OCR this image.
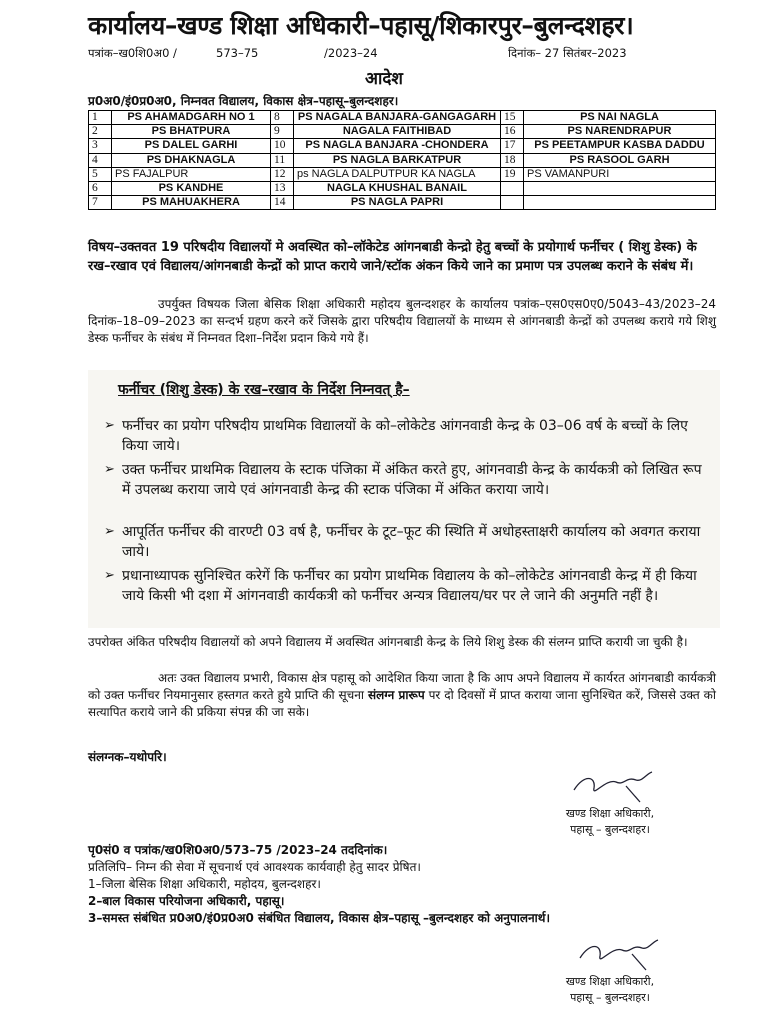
कार्यालय–खण्ड शिक्षा अधिकारी–पहासू/शिकारपुर–बुलन्दशहर।
पत्रांक–ख0शि0अ0 /	573–75	/2023–24	दिनांक– 27 सितंबर–2023
आदेश
प्र0अ0/इं0प्र0अ0, निम्नवत विद्यालय, विकास क्षेत्र–पहासू–बुलन्दशहर।
1	PS AHAMADGARH NO 1	8	PS NAGALA BANJARA-GANGAGARH	15	PS NAI NAGLA
2	PS BHATPURA	9	NAGALA FAITHIBAD	16	PS NARENDRAPUR
3	PS DALEL GARHI	10	PS NAGLA BANJARA -CHONDERA	17	PS PEETAMPUR KASBA DADDU
4	PS DHAKNAGLA	11	PS NAGLA BARKATPUR	18	PS RASOOL GARH
5	PS FAJALPUR	12	ps NAGLA DALPUTPUR KA NAGLA	19	PS VAMANPURI
6	PS KANDHE	13	NAGLA KHUSHAL BANAIL		
7	PS MAHUAKHERA	14	PS NAGLA PAPRI		
विषय–उक्तवत 19 परिषदीय विद्यालयों मे अवस्थित को–लॉकेटेड आंगनबाडी केन्द्रो हेतु बच्चों के प्रयोगार्थ फर्नीचर ( शिशु डेस्क) के रख–रखाव एवं विद्यालय/आंगनबाडी केन्द्रों को प्राप्त कराये जाने/स्टॉक अंकन किये जाने का प्रमाण पत्र उपलब्ध कराने के संबंध में।
उपर्युक्त विषयक जिला बेसिक शिक्षा अधिकारी महोदय बुलन्दशहर के कार्यालय पत्रांक–एस0एस0ए0/5043–43/2023–24 दिनांक–18–09–2023 का सन्दर्भ ग्रहण करने करें जिसके द्वारा परिषदीय विद्यालयों के माध्यम से आंगनबाडी केन्द्रों को उपलब्ध कराये गये शिशु डेस्क फर्नीचर के संबंध में निम्नवत दिशा–निर्देश प्रदान किये गये हैं।
फर्नीचर (शिशु डेस्क) के रख–रखाव के निर्देश निम्नवत् है–
➢ फर्नीचर का प्रयोग परिषदीय प्राथमिक विद्यालयों के को–लोकेटेड आंगनवाडी केन्द्र के 03–06 वर्ष के बच्चों के लिए किया जाये।
➢ उक्त फर्नीचर प्राथमिक विद्यालय के स्टाक पंजिका में अंकित करते हुए, आंगनवाडी केन्द्र के कार्यकत्री को लिखित रूप में उपलब्ध कराया जाये एवं आंगनवाडी केन्द्र की स्टाक पंजिका में अंकित कराया जाये।
➢ आपूर्तित फर्नीचर की वारण्टी 03 वर्ष है, फर्नीचर के टूट–फूट की स्थिति में अधोहस्ताक्षरी कार्यालय को अवगत कराया जाये।
➢ प्रधानाध्यापक सुनिश्चित करेगें कि फर्नीचर का प्रयोग प्राथमिक विद्यालय के को–लोकेटेड आंगनवाडी केन्द्र में ही किया जाये किसी भी दशा में आंगनवाडी कार्यकत्री को फर्नीचर अन्यत्र विद्यालय/घर पर ले जाने की अनुमति नहीं है।
उपरोक्त अंकित परिषदीय विद्यालयों को अपने विद्यालय में अवस्थित आंगनबाडी केन्द्र के लिये शिशु डेस्क की संलग्न प्राप्ति करायी जा चुकी है।
अतः उक्त विद्यालय प्रभारी, विकास क्षेत्र पहासू को आदेशित किया जाता है कि आप अपने विद्यालय में कार्यरत आंगनबाडी कार्यकत्री को उक्त फर्नीचर नियमानुसार हस्तगत करते हुये प्राप्ति की सूचना संलग्न प्रारूप पर दो दिवसों में प्राप्त कराया जाना सुनिश्चित करें, जिससे उक्त को सत्यापित कराये जाने की प्रकिया संपन्न की जा सके।
संलग्नक–यथोपरि।
खण्ड शिक्षा अधिकारी,
पहासू – बुलन्दशहर।
पृ0सं0 व पत्रांक/ख0शि0अ0/573–75 /2023–24 तददिनांक।
प्रतिलिपि– निम्न की सेवा में सूचनार्थ एवं आवश्यक कार्यवाही हेतु सादर प्रेषित।
1–जिला बेसिक शिक्षा अधिकारी, महोदय, बुलन्दशहर।
2–बाल विकास परियोजना अधिकारी, पहासू।
3–समस्त संबंधित प्र0अ0/इं0प्र0अ0 संबंधित विद्यालय, विकास क्षेत्र–पहासू –बुलन्दशहर को अनुपालनार्थ।
खण्ड शिक्षा अधिकारी,
पहासू – बुलन्दशहर।
